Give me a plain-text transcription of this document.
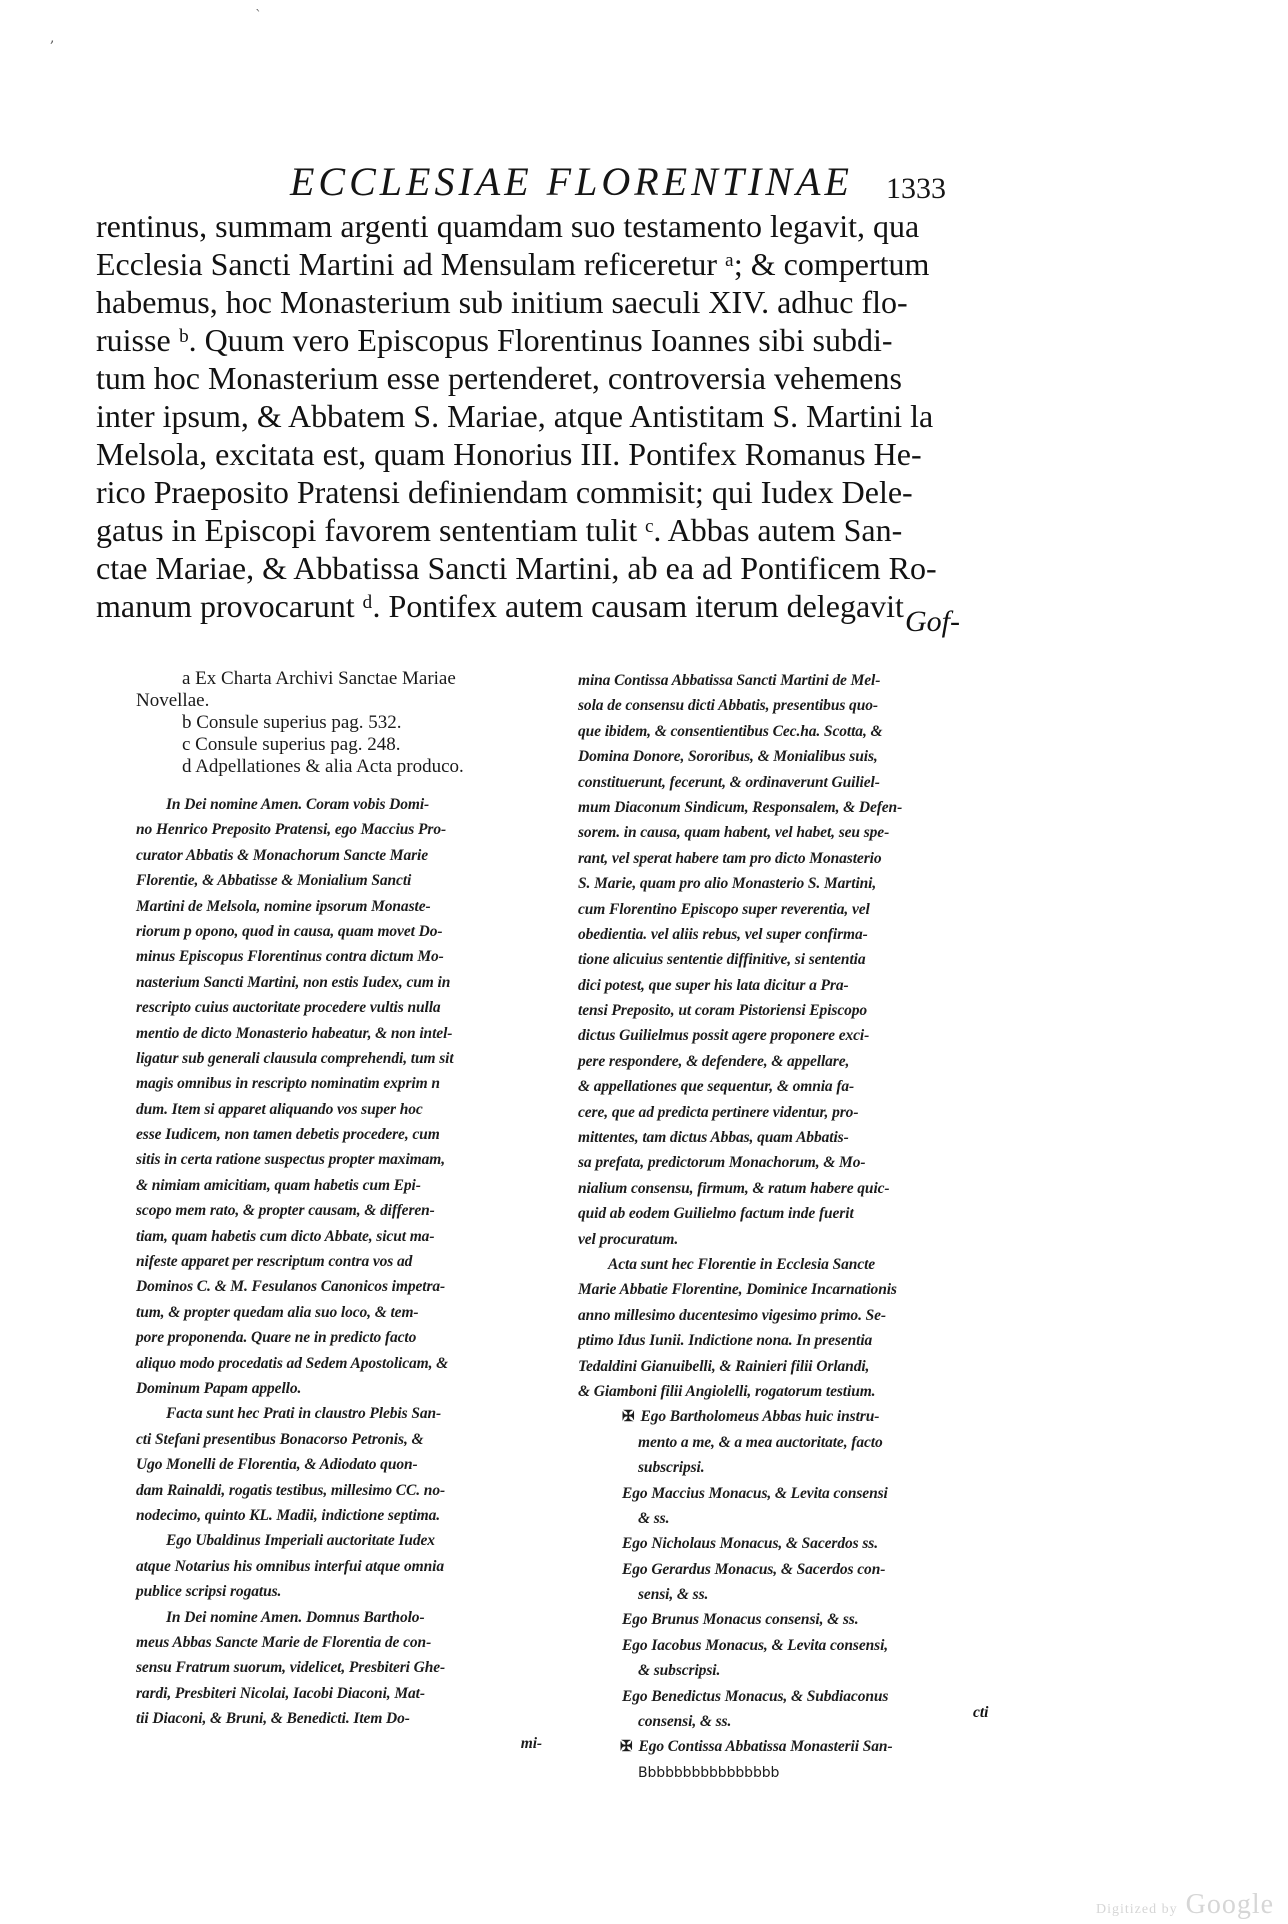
,
`
ECCLESIAE FLORENTINAE 1333
rentinus, summam argenti quamdam suo testamento legavit, qua
Ecclesia Sancti Martini ad Mensulam reficeretur ᵃ; & compertum
habemus, hoc Monasterium sub initium saeculi XIV. adhuc flo-
ruisse ᵇ. Quum vero Episcopus Florentinus Ioannes sibi subdi-
tum hoc Monasterium esse pertenderet, controversia vehemens
inter ipsum, & Abbatem S. Mariae, atque Antistitam S. Martini la
Melsola, excitata est, quam Honorius III. Pontifex Romanus He-
rico Praeposito Pratensi definiendam commisit; qui Iudex Dele-
gatus in Episcopi favorem sententiam tulit ᶜ. Abbas autem San-
ctae Mariae, & Abbatissa Sancti Martini, ab ea ad Pontificem Ro-
manum provocarunt ᵈ. Pontifex autem causam iterum delegavit Gof-
a Ex Charta Archivi Sanctae Mariae
Novellae.
b Consule superius pag. 532.
c Consule superius pag. 248.
d Adpellationes & alia Acta produco.
In Dei nomine Amen. Coram vobis Domi-
no Henrico Preposito Pratensi, ego Maccius Pro-
curator Abbatis & Monachorum Sancte Marie
Florentie, & Abbatisse & Monialium Sancti
Martini de Melsola, nomine ipsorum Monaste-
riorum p opono, quod in causa, quam movet Do-
minus Episcopus Florentinus contra dictum Mo-
nasterium Sancti Martini, non estis Iudex, cum in
rescripto cuius auctoritate procedere vultis nulla
mentio de dicto Monasterio habeatur, & non intel-
ligatur sub generali clausula comprehendi, tum sit
magis omnibus in rescripto nominatim exprim n
dum. Item si apparet aliquando vos super hoc
esse Iudicem, non tamen debetis procedere, cum
sitis in certa ratione suspectus propter maximam,
& nimiam amicitiam, quam habetis cum Epi-
scopo mem rato, & propter causam, & differen-
tiam, quam habetis cum dicto Abbate, sicut ma-
nifeste apparet per rescriptum contra vos ad
Dominos C. & M. Fesulanos Canonicos impetra-
tum, & propter quedam alia suo loco, & tem-
pore proponenda. Quare ne in predicto facto
aliquo modo procedatis ad Sedem Apostolicam, &
Dominum Papam appello.
Facta sunt hec Prati in claustro Plebis San-
cti Stefani presentibus Bonacorso Petronis, &
Ugo Monelli de Florentia, & Adiodato quon-
dam Rainaldi, rogatis testibus, millesimo CC. no-
nodecimo, quinto KL. Madii, indictione septima.
Ego Ubaldinus Imperiali auctoritate Iudex
atque Notarius his omnibus interfui atque omnia
publice scripsi rogatus.
In Dei nomine Amen. Domnus Bartholo-
meus Abbas Sancte Marie de Florentia de con-
sensu Fratrum suorum, videlicet, Presbiteri Ghe-
rardi, Presbiteri Nicolai, Iacobi Diaconi, Mat-
tii Diaconi, & Bruni, & Benedicti. Item Do-
mi-
mina Contissa Abbatissa Sancti Martini de Mel-
sola de consensu dicti Abbatis, presentibus quo-
que ibidem, & consentientibus Cec.ha. Scotta, &
Domina Donore, Sororibus, & Monialibus suis,
constituerunt, fecerunt, & ordinaverunt Guiliel-
mum Diaconum Sindicum, Responsalem, & Defen-
sorem. in causa, quam habent, vel habet, seu spe-
rant, vel sperat habere tam pro dicto Monasterio
S. Marie, quam pro alio Monasterio S. Martini,
cum Florentino Episcopo super reverentia, vel
obedientia. vel aliis rebus, vel super confirma-
tione alicuius sententie diffinitive, si sententia
dici potest, que super his lata dicitur a Pra-
tensi Preposito, ut coram Pistoriensi Episcopo
dictus Guilielmus possit agere proponere exci-
pere respondere, & defendere, & appellare,
& appellationes que sequentur, & omnia fa-
cere, que ad predicta pertinere videntur, pro-
mittentes, tam dictus Abbas, quam Abbatis-
sa prefata, predictorum Monachorum, & Mo-
nialium consensu, firmum, & ratum habere quic-
quid ab eodem Guilielmo factum inde fuerit
vel procuratum.
Acta sunt hec Florentie in Ecclesia Sancte
Marie Abbatie Florentine, Dominice Incarnationis
anno millesimo ducentesimo vigesimo primo. Se-
ptimo Idus Iunii. Indictione nona. In presentia
Tedaldini Gianuibelli, & Rainieri filii Orlandi,
& Giamboni filii Angiolelli, rogatorum testium.
✠ Ego Bartholomeus Abbas huic instru-
mento a me, & a mea auctoritate, facto
subscripsi.
Ego Maccius Monacus, & Levita consensi
& ss.
Ego Nicholaus Monacus, & Sacerdos ss.
Ego Gerardus Monacus, & Sacerdos con-
sensi, & ss.
Ego Brunus Monacus consensi, & ss.
Ego Iacobus Monacus, & Levita consensi,
& subscripsi.
Ego Benedictus Monacus, & Subdiaconus
consensi, & ss.
✠ Ego Contissa Abbatissa Monasterii San-
Bbbbbbbbbbbbbbbb
cti
Digitized by Google
